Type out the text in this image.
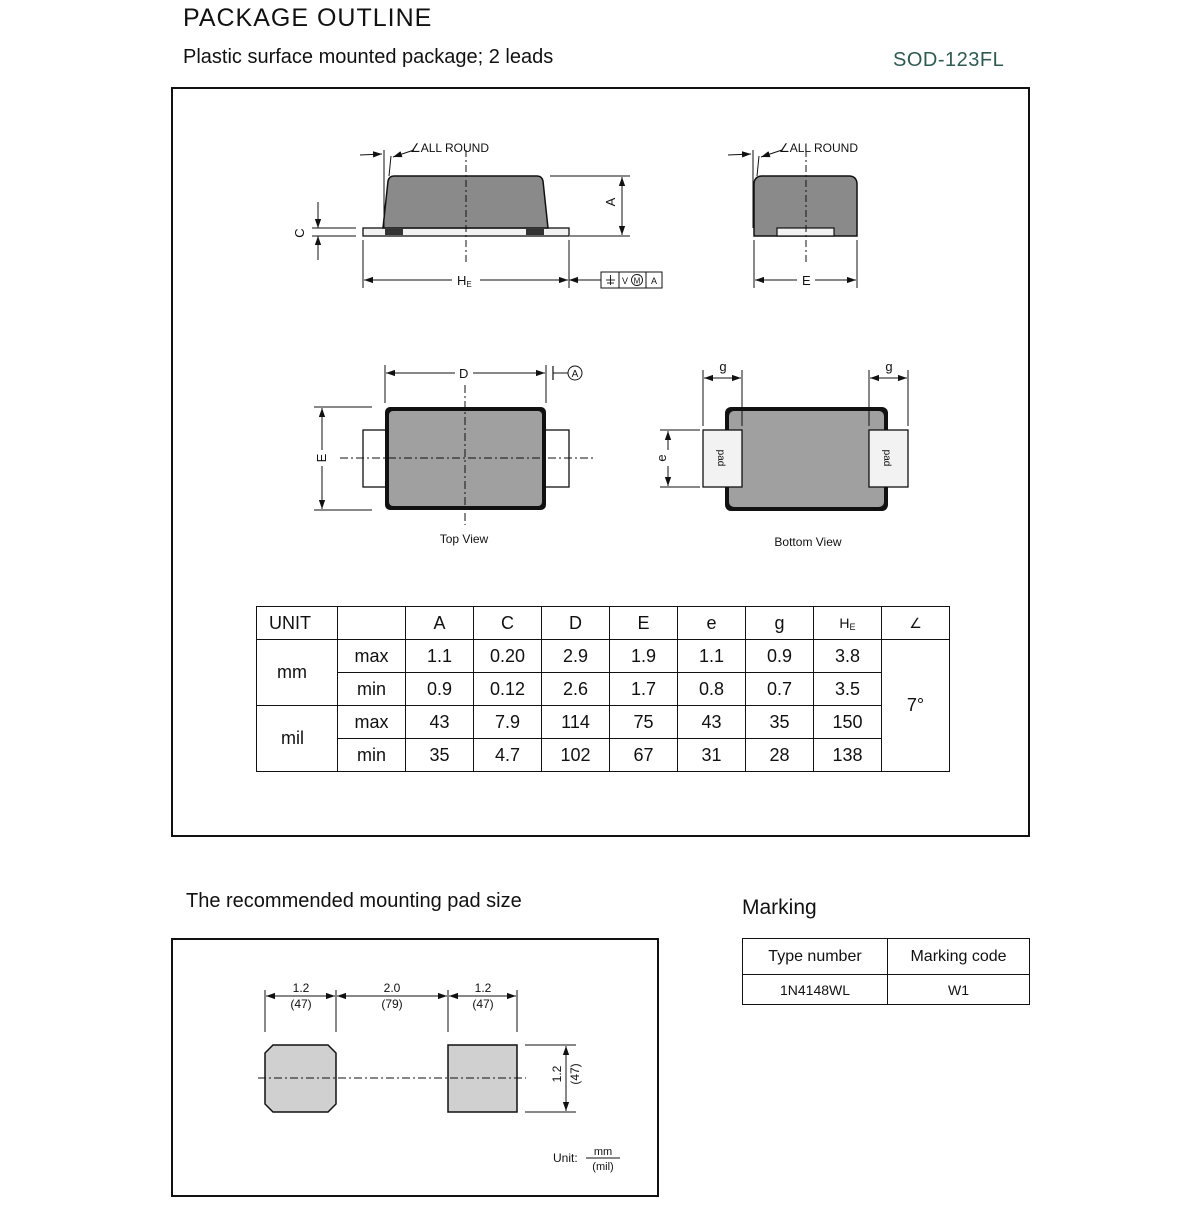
PACKAGE OUTLINE
Plastic surface mounted package; 2 leads	SOD-123FL
C
A
HE	V M A
∠ALL ROUND
E
∠ALL ROUND
D	A
E
Top View
pad	pad
g	g
e
Bottom View
1.2
(47)
2.0
(79)
1.2
(47)
1.2 (47)
Unit: mm
(mil)
UNIT		A	C	D	E	e	g	$H_E$	∠
mm	max	1.1	0.20	2.9	1.9	1.1	0.9	3.8	7°
	min	0.9	0.12	2.6	1.7	0.8	0.7	3.5	
mil	max	43	7.9	114	75	43	35	150	
	min	35	4.7	102	67	31	28	138	
The recommended mounting pad size	Marking
Type number	Marking code
1N4148WL	W1
